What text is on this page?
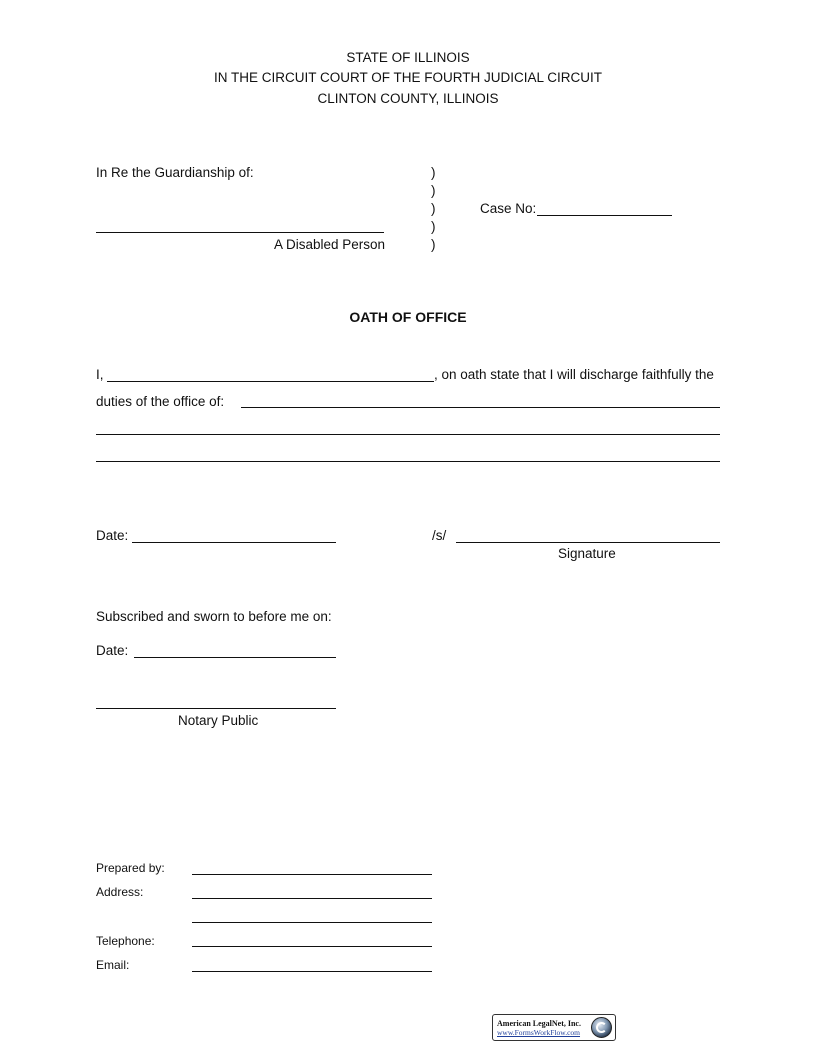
STATE OF ILLINOIS
IN THE CIRCUIT COURT OF THE FOURTH JUDICIAL CIRCUIT
CLINTON COUNTY, ILLINOIS
In Re the Guardianship of:	)
)
)
)
)
A Disabled Person
Case No:
OATH OF OFFICE
I,	, on oath state that I will discharge faithfully the
duties of the office of:
Date:	/s/
Signature
Subscribed and sworn to before me on:
Date:
Notary Public
Prepared by:
Address:
Telephone:
Email:
American LegalNet, Inc.
www.FormsWorkFlow.com
